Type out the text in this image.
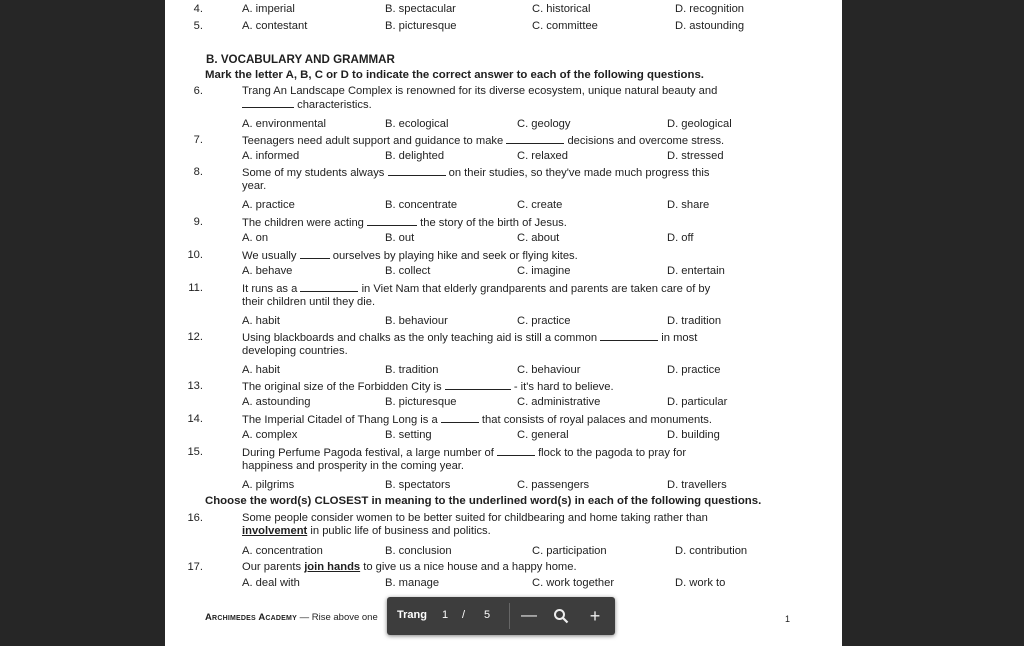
4.	A. imperial	B. spectacular	C. historical	D. recognition
5.	A. contestant	B. picturesque	C. committee	D. astounding
B. VOCABULARY AND GRAMMAR
Mark the letter A, B, C or D to indicate the correct answer to each of the following questions.
6.	Trang An Landscape Complex is renowned for its diverse ecosystem, unique natural beauty and
characteristics.
A. environmental	B. ecological	C. geology	D. geological
7.	Teenagers need adult support and guidance to make	decisions and overcome stress.
A. informed	B. delighted	C. relaxed	D. stressed
8.	Some of my students always	on their studies, so they've made much progress this
year.
A. practice	B. concentrate	C. create	D. share
9.	The children were acting	the story of the birth of Jesus.
A. on	B. out	C. about	D. off
10.	We usually	ourselves by playing hike and seek or flying kites.
A. behave	B. collect	C. imagine	D. entertain
11.	It runs as a	in Viet Nam that elderly grandparents and parents are taken care of by
their children until they die.
A. habit	B. behaviour	C. practice	D. tradition
12.	Using blackboards and chalks as the only teaching aid is still a common	in most
developing countries.
A. habit	B. tradition	C. behaviour	D. practice
13.	The original size of the Forbidden City is	- it's hard to believe.
A. astounding	B. picturesque	C. administrative	D. particular
14.	The Imperial Citadel of Thang Long is a	that consists of royal palaces and monuments.
A. complex	B. setting	C. general	D. building
15.	During Perfume Pagoda festival, a large number of	flock to the pagoda to pray for
happiness and prosperity in the coming year.
A. pilgrims	B. spectators	C. passengers	D. travellers
Choose the word(s) CLOSEST in meaning to the underlined word(s) in each of the following questions.
16.	Some people consider women to be better suited for childbearing and home taking rather than
involvement in public life of business and politics.
A. concentration	B. conclusion	C. participation	D. contribution
17.	Our parents join hands to give us a nice house and a happy home.
A. deal with	B. manage	C. work together	D. work to
Archimedes Academy — Rise above one	1
Trang 1 / 5 —	+
